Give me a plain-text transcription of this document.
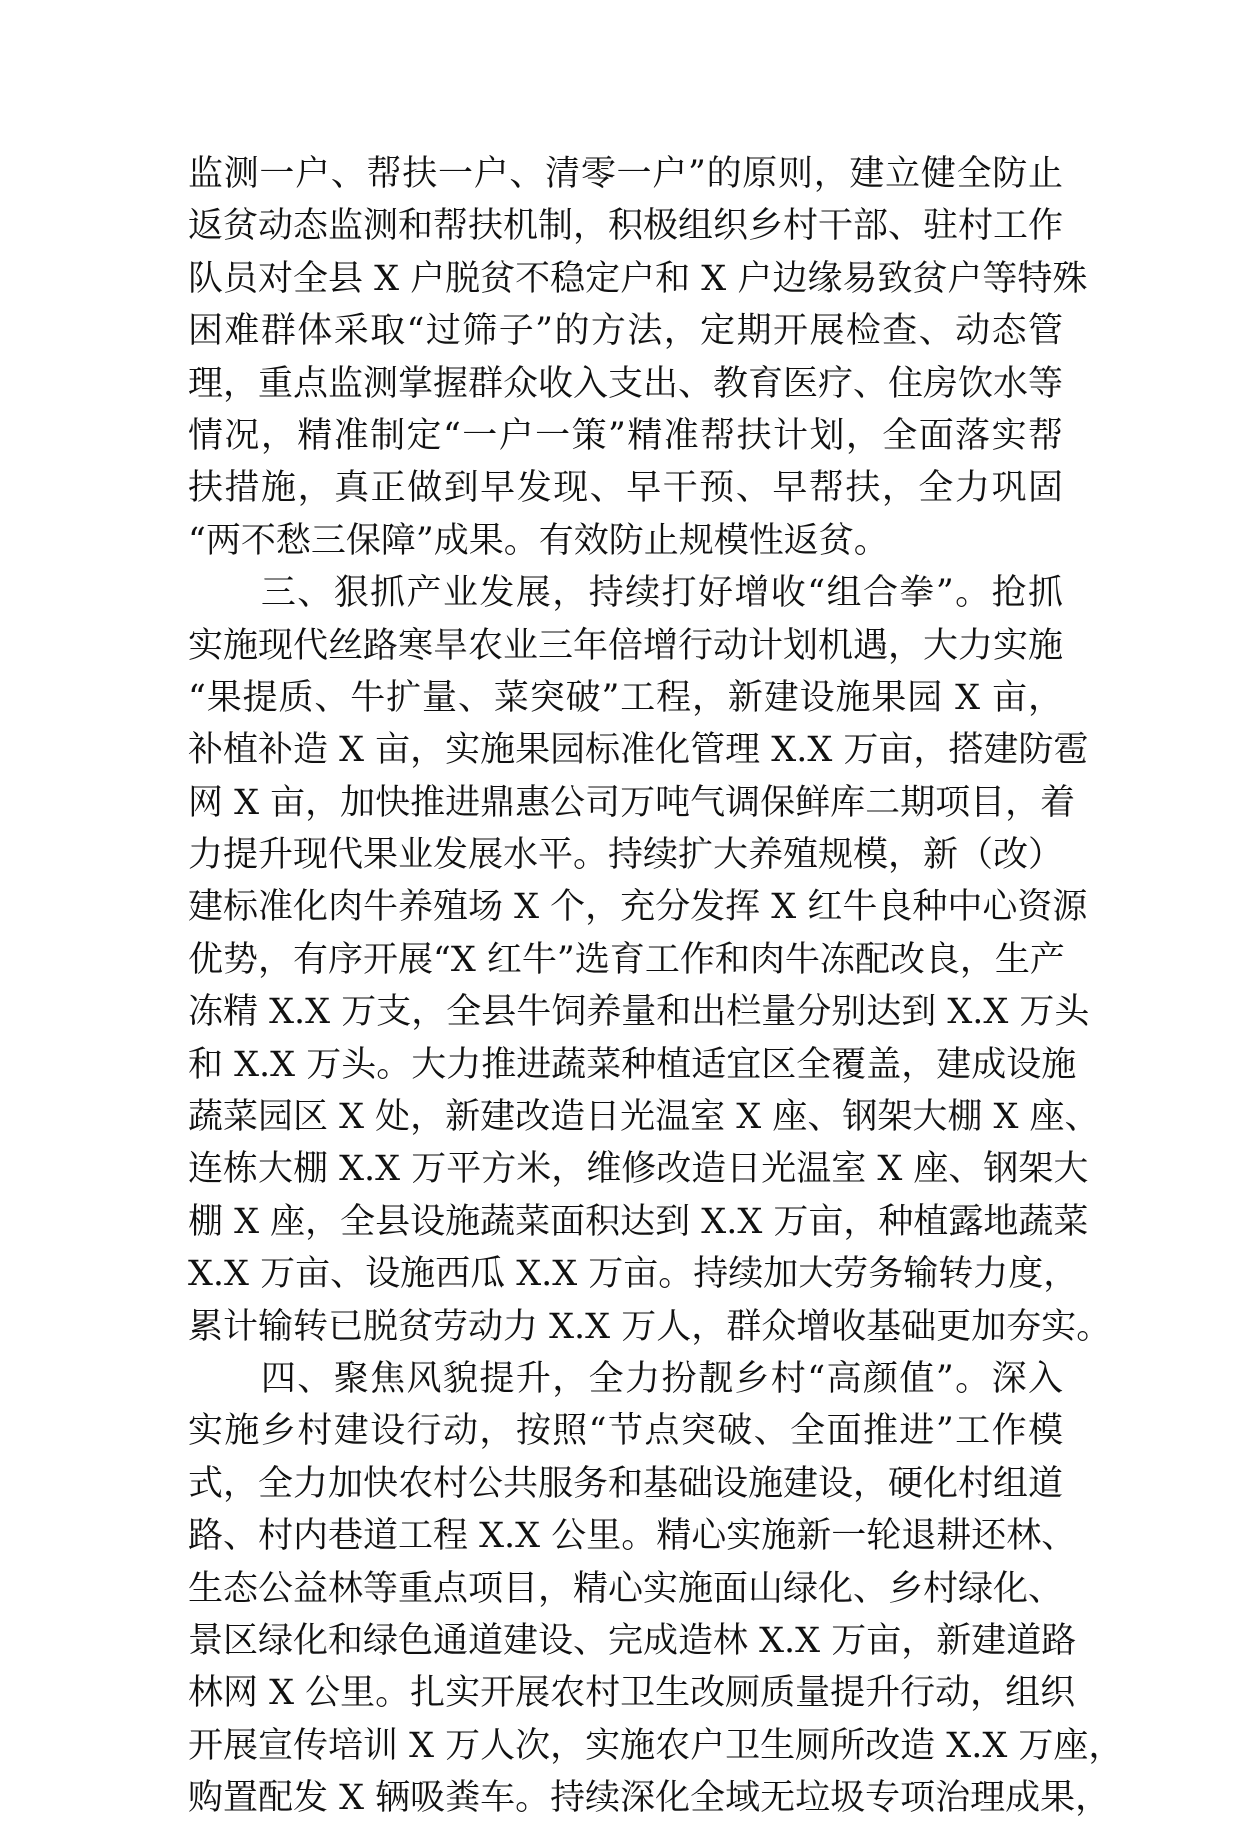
监测一户、帮扶一户、清零一户”的原则，建立健全防止
返贫动态监测和帮扶机制，积极组织乡村干部、驻村工作
队员对全县 X 户脱贫不稳定户和 X 户边缘易致贫户等特殊
困难群体采取“过筛子”的方法，定期开展检查、动态管
理，重点监测掌握群众收入支出、教育医疗、住房饮水等
情况，精准制定“一户一策”精准帮扶计划，全面落实帮
扶措施，真正做到早发现、早干预、早帮扶，全力巩固
“两不愁三保障”成果。有效防止规模性返贫。
　　三、狠抓产业发展，持续打好增收“组合拳”。抢抓
实施现代丝路寒旱农业三年倍增行动计划机遇，大力实施
“果提质、牛扩量、菜突破”工程，新建设施果园 X 亩，
补植补造 X 亩，实施果园标准化管理 X.X 万亩，搭建防雹
网 X 亩，加快推进鼎惠公司万吨气调保鲜库二期项目，着
力提升现代果业发展水平。持续扩大养殖规模，新（改）
建标准化肉牛养殖场 X 个，充分发挥 X 红牛良种中心资源
优势，有序开展“X 红牛”选育工作和肉牛冻配改良，生产
冻精 X.X 万支，全县牛饲养量和出栏量分别达到 X.X 万头
和 X.X 万头。大力推进蔬菜种植适宜区全覆盖，建成设施
蔬菜园区 X 处，新建改造日光温室 X 座、钢架大棚 X 座、
连栋大棚 X.X 万平方米，维修改造日光温室 X 座、钢架大
棚 X 座，全县设施蔬菜面积达到 X.X 万亩，种植露地蔬菜
X.X 万亩、设施西瓜 X.X 万亩。持续加大劳务输转力度，
累计输转已脱贫劳动力 X.X 万人，群众增收基础更加夯实。
　　四、聚焦风貌提升，全力扮靓乡村“高颜值”。深入
实施乡村建设行动，按照“节点突破、全面推进”工作模
式，全力加快农村公共服务和基础设施建设，硬化村组道
路、村内巷道工程 X.X 公里。精心实施新一轮退耕还林、
生态公益林等重点项目，精心实施面山绿化、乡村绿化、
景区绿化和绿色通道建设、完成造林 X.X 万亩，新建道路
林网 X 公里。扎实开展农村卫生改厕质量提升行动，组织
开展宣传培训 X 万人次，实施农户卫生厕所改造 X.X 万座，
购置配发 X 辆吸粪车。持续深化全域无垃圾专项治理成果，
